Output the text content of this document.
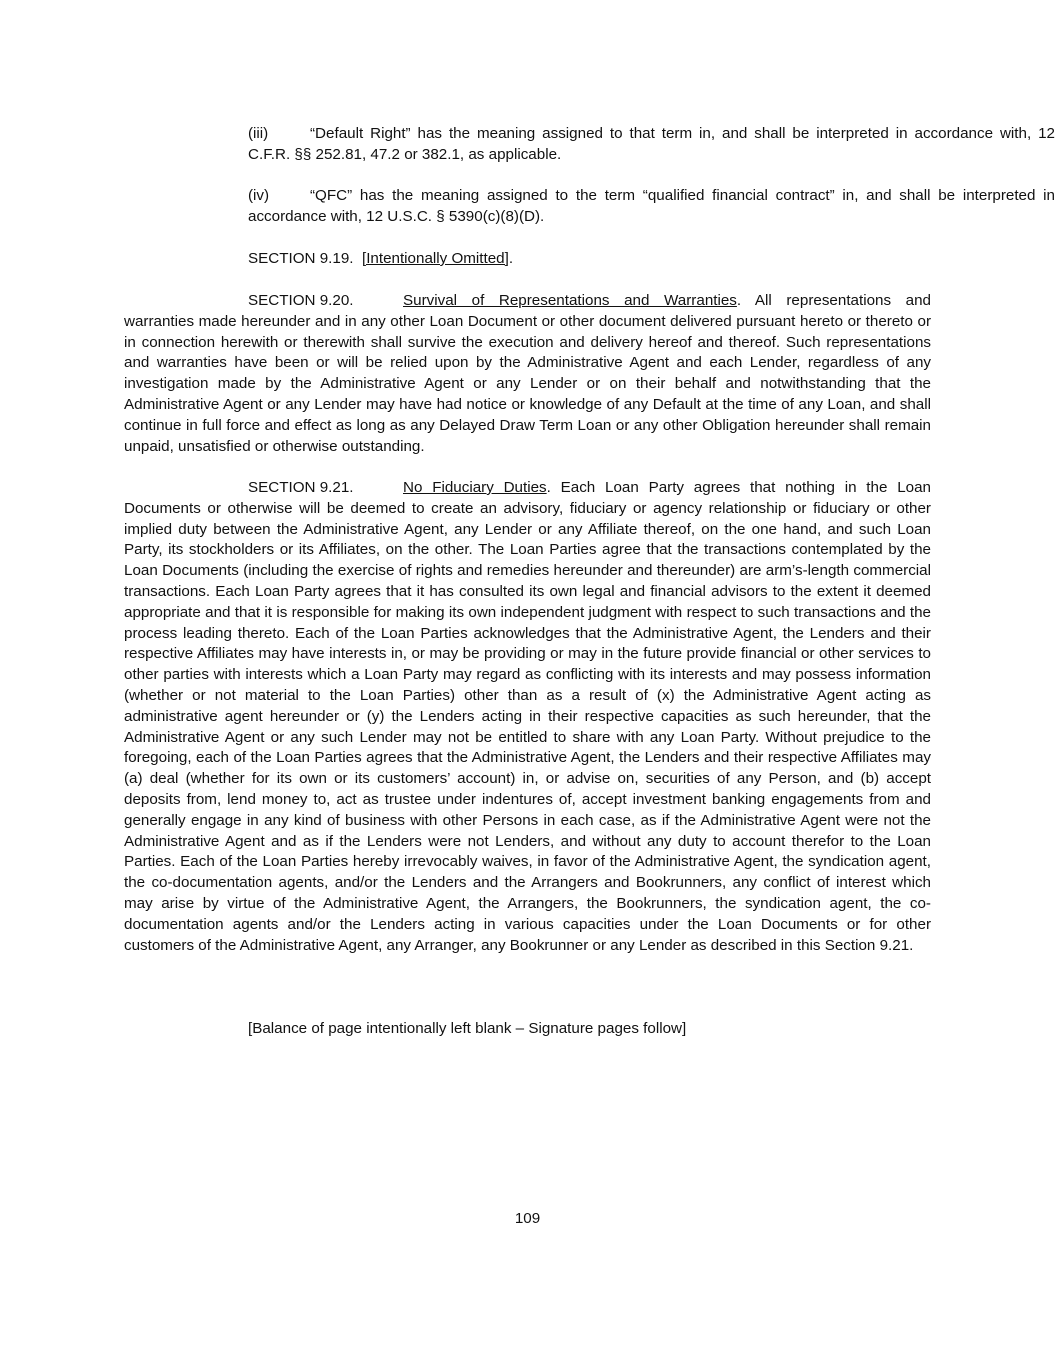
(iii)	“Default Right” has the meaning assigned to that term in, and shall be interpreted in accordance with, 12 C.F.R. §§ 252.81, 47.2 or 382.1, as applicable.
(iv)	“QFC” has the meaning assigned to the term “qualified financial contract” in, and shall be interpreted in accordance with, 12 U.S.C. § 5390(c)(8)(D).
SECTION 9.19. [Intentionally Omitted].
SECTION 9.20.	Survival of Representations and Warranties. All representations and warranties made hereunder and in any other Loan Document or other document delivered pursuant hereto or thereto or in connection herewith or therewith shall survive the execution and delivery hereof and thereof. Such representations and warranties have been or will be relied upon by the Administrative Agent and each Lender, regardless of any investigation made by the Administrative Agent or any Lender or on their behalf and notwithstanding that the Administrative Agent or any Lender may have had notice or knowledge of any Default at the time of any Loan, and shall continue in full force and effect as long as any Delayed Draw Term Loan or any other Obligation hereunder shall remain unpaid, unsatisfied or otherwise outstanding.
SECTION 9.21.	No Fiduciary Duties. Each Loan Party agrees that nothing in the Loan Documents or otherwise will be deemed to create an advisory, fiduciary or agency relationship or fiduciary or other implied duty between the Administrative Agent, any Lender or any Affiliate thereof, on the one hand, and such Loan Party, its stockholders or its Affiliates, on the other. The Loan Parties agree that the transactions contemplated by the Loan Documents (including the exercise of rights and remedies hereunder and thereunder) are arm’s-length commercial transactions. Each Loan Party agrees that it has consulted its own legal and financial advisors to the extent it deemed appropriate and that it is responsible for making its own independent judgment with respect to such transactions and the process leading thereto. Each of the Loan Parties acknowledges that the Administrative Agent, the Lenders and their respective Affiliates may have interests in, or may be providing or may in the future provide financial or other services to other parties with interests which a Loan Party may regard as conflicting with its interests and may possess information (whether or not material to the Loan Parties) other than as a result of (x) the Administrative Agent acting as administrative agent hereunder or (y) the Lenders acting in their respective capacities as such hereunder, that the Administrative Agent or any such Lender may not be entitled to share with any Loan Party. Without prejudice to the foregoing, each of the Loan Parties agrees that the Administrative Agent, the Lenders and their respective Affiliates may (a) deal (whether for its own or its customers’ account) in, or advise on, securities of any Person, and (b) accept deposits from, lend money to, act as trustee under indentures of, accept investment banking engagements from and generally engage in any kind of business with other Persons in each case, as if the Administrative Agent were not the Administrative Agent and as if the Lenders were not Lenders, and without any duty to account therefor to the Loan Parties. Each of the Loan Parties hereby irrevocably waives, in favor of the Administrative Agent, the syndication agent, the co-documentation agents, and/or the Lenders and the Arrangers and Bookrunners, any conflict of interest which may arise by virtue of the Administrative Agent, the Arrangers, the Bookrunners, the syndication agent, the co-documentation agents and/or the Lenders acting in various capacities under the Loan Documents or for other customers of the Administrative Agent, any Arranger, any Bookrunner or any Lender as described in this Section 9.21.
[Balance of page intentionally left blank – Signature pages follow]
109
